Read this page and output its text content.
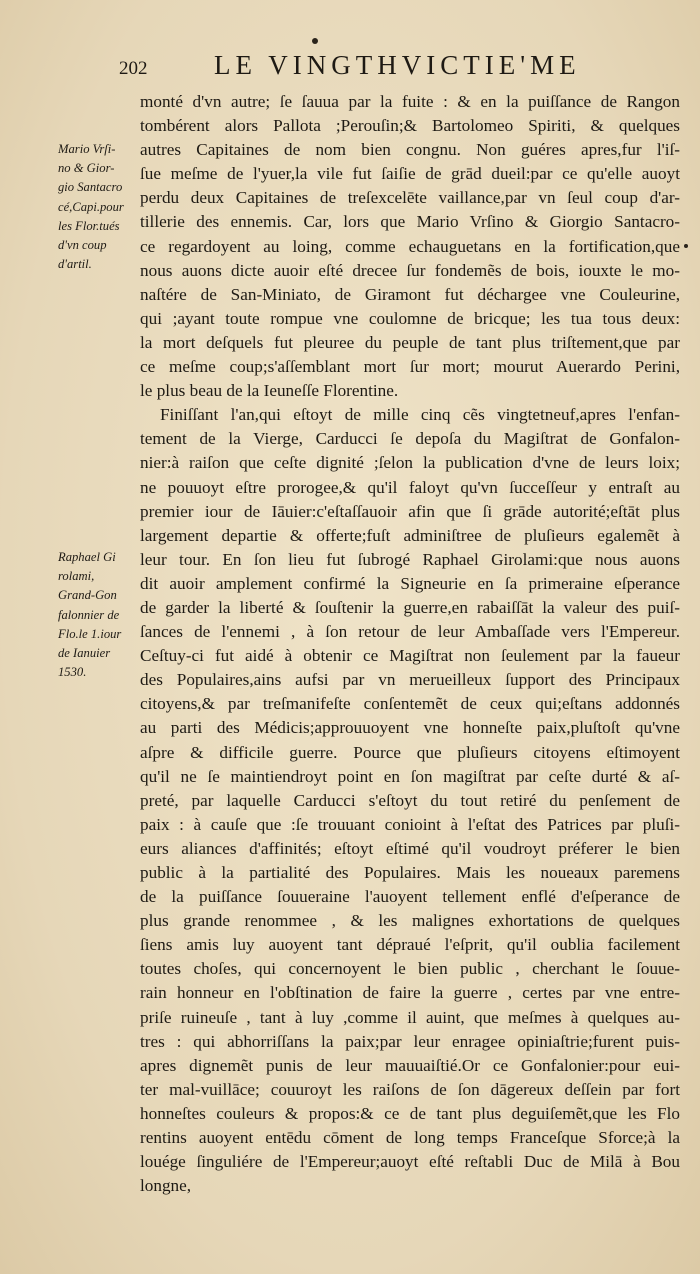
202 LE VINGTHVICTIE'ME
Mario Vrſi-
no & Gior-
gio Santacro
cé,Capi.pour
les Flor.tués
d'vn coup
d'artil.
Raphael Gi
rolami,
Grand-Gon
falonnier de
Flo.le 1.iour
de Ianuier
1530.
monté d'vn autre; ſe ſauua par la fuite : & en la puiſſance de Rangon
tombérent alors Pallota ;Perouſin;& Bartolomeo Spiriti, & quelques
autres Capitaines de nom bien congnu. Non guéres apres,fur l'iſ-
ſue meſme de l'yuer,la vile fut ſaiſie de grād dueil:par ce qu'elle auoyt
perdu deux Capitaines de treſexcelēte vaillance,par vn ſeul coup d'ar-
tillerie des ennemis. Car, lors que Mario Vrſino & Giorgio Santacro-
ce regardoyent au loing, comme echauguetans en la fortification,que
nous auons dicte auoir eſté drecee ſur fondemẽs de bois, iouxte le mo-
naſtére de San-Miniato, de Giramont fut déchargee vne Couleurine,
qui ;ayant toute rompue vne coulomne de bricque; les tua tous deux:
la mort deſquels fut pleuree du peuple de tant plus triſtement,que par
ce meſme coup;s'aſſemblant mort ſur mort; mourut Auerardo Perini,
le plus beau de la Ieuneſſe Florentine.
Finiſſant l'an,qui eſtoyt de mille cinq cẽs vingtetneuf,apres l'enfan-
tement de la Vierge, Carducci ſe depoſa du Magiſtrat de Gonfalon-
nier:à raiſon que ceſte dignité ;ſelon la publication d'vne de leurs loix;
ne pouuoyt eſtre prorogee,& qu'il faloyt qu'vn ſucceſſeur y entraſt au
premier iour de Iāuier:c'eſtaſſauoir afin que ſi grāde autorité;eſtāt plus
largement departie & offerte;fuſt adminiſtree de pluſieurs egalemẽt à
leur tour. En ſon lieu fut ſubrogé Raphael Girolami:que nous auons
dit auoir amplement confirmé la Signeurie en ſa primeraine eſperance
de garder la liberté & ſouſtenir la guerre,en rabaiſſāt la valeur des puiſ-
ſances de l'ennemi , à ſon retour de leur Ambaſſade vers l'Empereur.
Ceſtuy-ci fut aidé à obtenir ce Magiſtrat non ſeulement par la faueur
des Populaires,ains aufsi par vn merueilleux ſupport des Principaux
citoyens,& par treſmanifeſte conſentemẽt de ceux qui;eſtans addonnés
au parti des Médicis;approuuoyent vne honneſte paix,pluſtoſt qu'vne
aſpre & difficile guerre. Pource que pluſieurs citoyens eſtimoyent
qu'il ne ſe maintiendroyt point en ſon magiſtrat par ceſte durté & aſ-
preté, par laquelle Carducci s'eſtoyt du tout retiré du penſement de
paix : à cauſe que :ſe trouuant conioint à l'eſtat des Patrices par pluſi-
eurs aliances d'affinités; eſtoyt eſtimé qu'il voudroyt préferer le bien
public à la partialité des Populaires. Mais les noueaux paremens
de la puiſſance ſouueraine l'auoyent tellement enflé d'eſperance de
plus grande renommee , & les malignes exhortations de quelques
ſiens amis luy auoyent tant dépraué l'eſprit, qu'il oublia facilement
toutes choſes, qui concernoyent le bien public , cherchant le ſouue-
rain honneur en l'obſtination de faire la guerre , certes par vne entre-
priſe ruineuſe , tant à luy ,comme il auint, que meſmes à quelques au-
tres : qui abhorriſſans la paix;par leur enragee opiniaſtrie;furent puis-
apres dignemẽt punis de leur mauuaiſtié.Or ce Gonfalonier:pour eui-
ter mal-vuillāce; couuroyt les raiſons de ſon dāgereux deſſein par fort
honneſtes couleurs & propos:& ce de tant plus deguiſemẽt,que les Flo
rentins auoyent entēdu cōment de long temps Franceſque Sforce;à la
louége ſinguliére de l'Empereur;auoyt eſté reſtabli Duc de Milā à Bou
longne,
